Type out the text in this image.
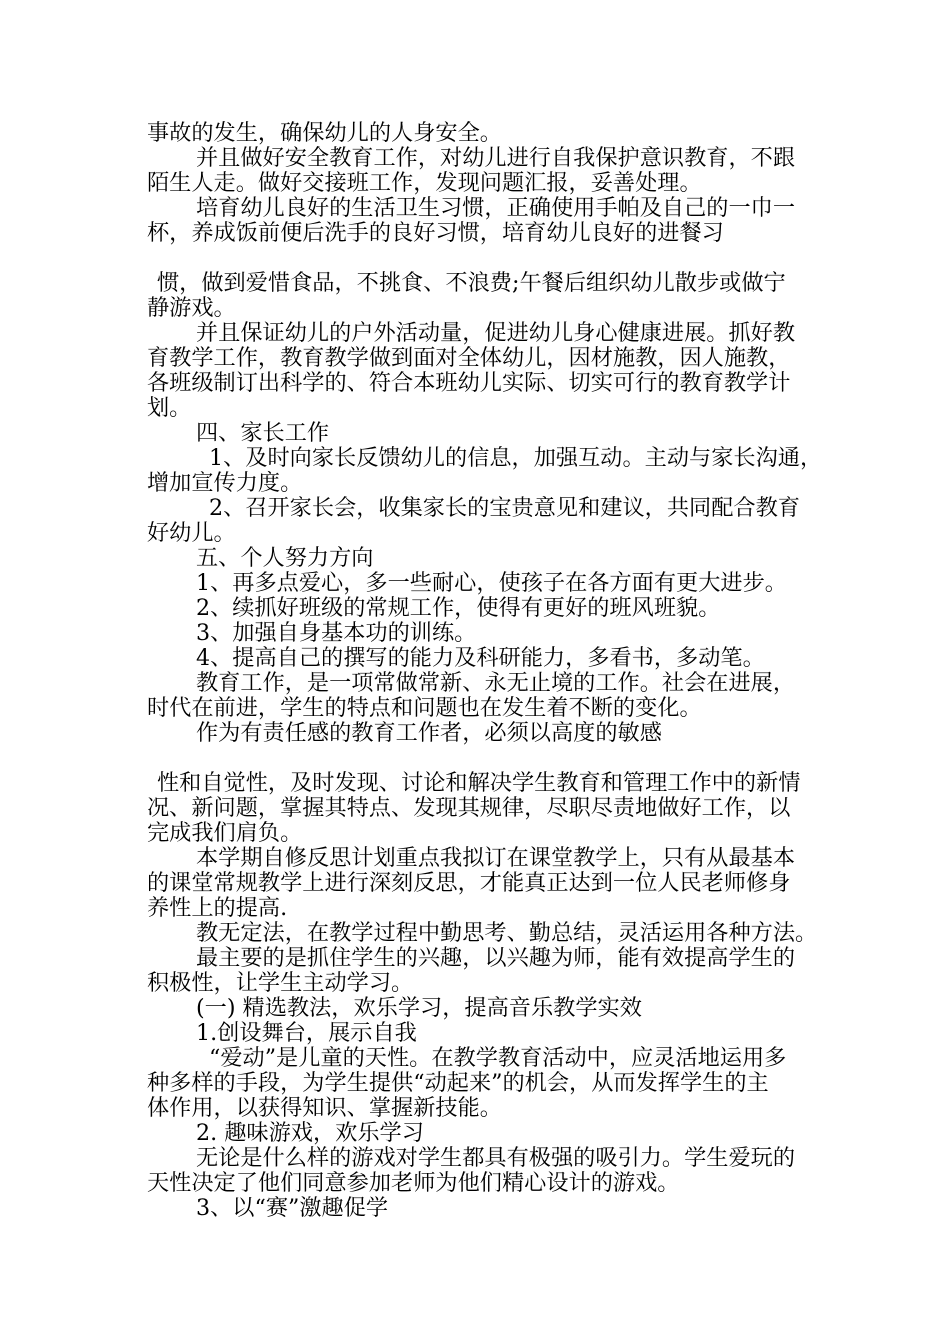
事故的发生，确保幼儿的人身安全。

并且做好安全教育工作，对幼儿进行自我保护意识教育，不跟

陌生人走。做好交接班工作，发现问题汇报，妥善处理。

培育幼儿良好的生活卫生习惯，正确使用手帕及自己的一巾一

杯，养成饭前便后洗手的良好习惯，培育幼儿良好的进餐习

惯，做到爱惜食品，不挑食、不浪费;午餐后组织幼儿散步或做宁

静游戏。

并且保证幼儿的户外活动量，促进幼儿身心健康进展。抓好教

育教学工作，教育教学做到面对全体幼儿，因材施教，因人施教，

各班级制订出科学的、符合本班幼儿实际、切实可行的教育教学计

划。

四、家长工作

1、及时向家长反馈幼儿的信息，加强互动。主动与家长沟通，

增加宣传力度。

2、召开家长会，收集家长的宝贵意见和建议，共同配合教育

好幼儿。

五、个人努力方向

1、再多点爱心，多一些耐心，使孩子在各方面有更大进步。

2、续抓好班级的常规工作，使得有更好的班风班貌。

3、加强自身基本功的训练。

4、提高自己的撰写的能力及科研能力，多看书，多动笔。

教育工作，是一项常做常新、永无止境的工作。社会在进展，

时代在前进，学生的特点和问题也在发生着不断的变化。

作为有责任感的教育工作者，必须以高度的敏感

性和自觉性，及时发现、讨论和解决学生教育和管理工作中的新情

况、新问题，掌握其特点、发现其规律，尽职尽责地做好工作，以

完成我们肩负。

本学期自修反思计划重点我拟订在课堂教学上，只有从最基本

的课堂常规教学上进行深刻反思，才能真正达到一位人民老师修身

养性上的提高.

教无定法，在教学过程中勤思考、勤总结，灵活运用各种方法。

最主要的是抓住学生的兴趣，以兴趣为师，能有效提高学生的

积极性，让学生主动学习。

(一) 精选教法，欢乐学习，提高音乐教学实效

1.创设舞台，展示自我

“爱动”是儿童的天性。在教学教育活动中，应灵活地运用多

种多样的手段，为学生提供“动起来”的机会，从而发挥学生的主

体作用，以获得知识、掌握新技能。

2. 趣味游戏，欢乐学习

无论是什么样的游戏对学生都具有极强的吸引力。学生爱玩的

天性决定了他们同意参加老师为他们精心设计的游戏。

3、以“赛”激趣促学
